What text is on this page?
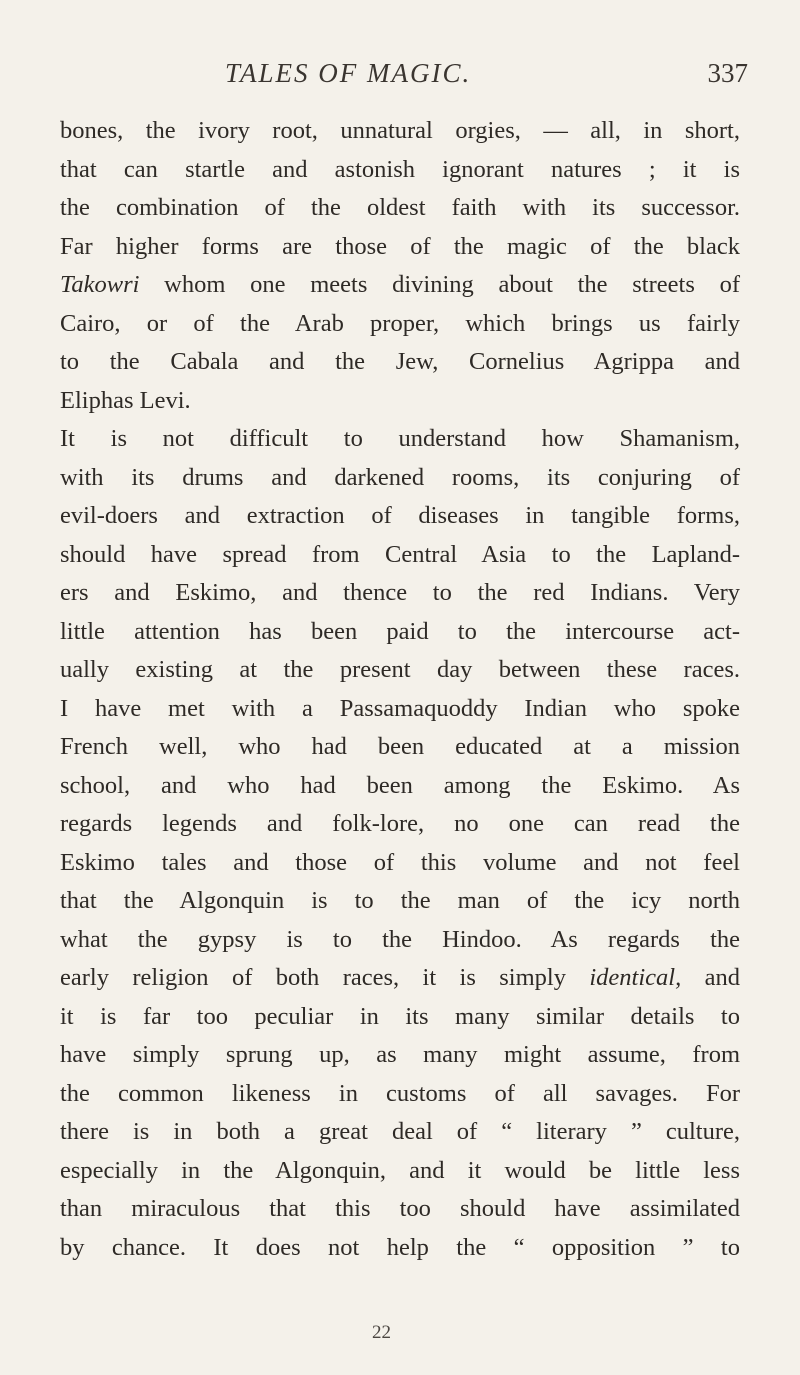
TALES OF MAGIC.	337
bones, the ivory root, unnatural orgies, — all, in short,
that can startle and astonish ignorant natures ; it is
the combination of the oldest faith with its successor.
Far higher forms are those of the magic of the black
Takowri whom one meets divining about the streets of
Cairo, or of the Arab proper, which brings us fairly
to the Cabala and the Jew, Cornelius Agrippa and
Eliphas Levi.
It is not difficult to understand how Shamanism,
with its drums and darkened rooms, its conjuring of
evil-doers and extraction of diseases in tangible forms,
should have spread from Central Asia to the Lapland-
ers and Eskimo, and thence to the red Indians. Very
little attention has been paid to the intercourse act-
ually existing at the present day between these races.
I have met with a Passamaquoddy Indian who spoke
French well, who had been educated at a mission
school, and who had been among the Eskimo. As
regards legends and folk-lore, no one can read the
Eskimo tales and those of this volume and not feel
that the Algonquin is to the man of the icy north
what the gypsy is to the Hindoo. As regards the
early religion of both races, it is simply identical, and
it is far too peculiar in its many similar details to
have simply sprung up, as many might assume, from
the common likeness in customs of all savages. For
there is in both a great deal of “ literary ” culture,
especially in the Algonquin, and it would be little less
than miraculous that this too should have assimilated
by chance. It does not help the “ opposition ” to
22
